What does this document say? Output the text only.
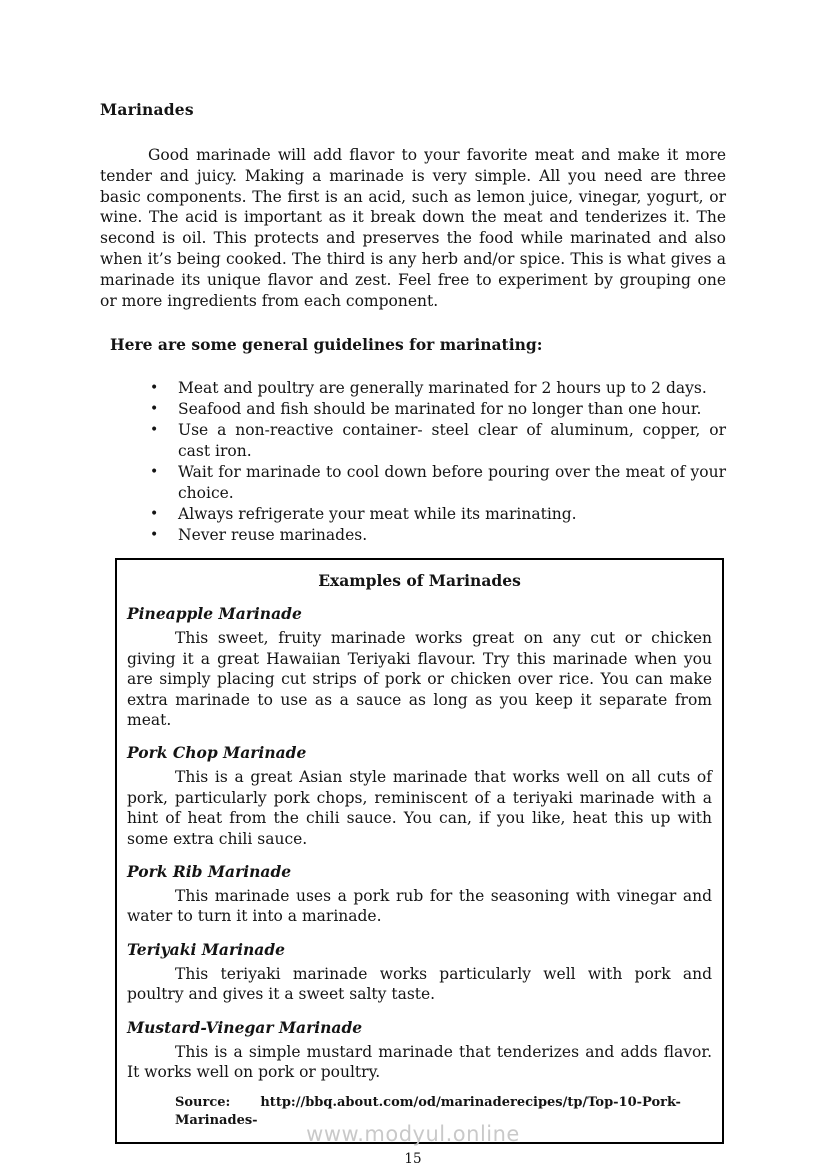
Marinades

Good marinade will add flavor to your favorite meat and make it more tender and juicy. Making a marinade is very simple. All you need are three basic components. The first is an acid, such as lemon juice, vinegar, yogurt, or wine. The acid is important as it break down the meat and tenderizes it. The second is oil. This protects and preserves the food while marinated and also when it’s being cooked. The third is any herb and/or spice. This is what gives a marinade its unique flavor and zest. Feel free to experiment by grouping one or more ingredients from each component.

Here are some general guidelines for marinating:
• Meat and poultry are generally marinated for 2 hours up to 2 days.
• Seafood and fish should be marinated for no longer than one hour.
• Use a non-reactive container- steel clear of aluminum, copper, or cast iron.
• Wait for marinade to cool down before pouring over the meat of your choice.
• Always refrigerate your meat while its marinating.
• Never reuse marinades.
Examples of Marinades
Pineapple Marinade

This sweet, fruity marinade works great on any cut or chicken giving it a great Hawaiian Teriyaki flavour. Try this marinade when you are simply placing cut strips of pork or chicken over rice. You can make extra marinade to use as a sauce as long as you keep it separate from meat.

Pork Chop Marinade

This is a great Asian style marinade that works well on all cuts of pork, particularly pork chops, reminiscent of a teriyaki marinade with a hint of heat from the chili sauce. You can, if you like, heat this up with some extra chili sauce.

Pork Rib Marinade

This marinade uses a pork rub for the seasoning with vinegar and water to turn it into a marinade.

Teriyaki Marinade

This teriyaki marinade works particularly well with pork and poultry and gives it a sweet salty taste.

Mustard-Vinegar Marinade

This is a simple mustard marinade that tenderizes and adds flavor. It works well on pork or poultry.

Source: http://bbq.about.com/od/marinaderecipes/tp/Top-10-Pork-Marinades-
15
www.modyul.online
